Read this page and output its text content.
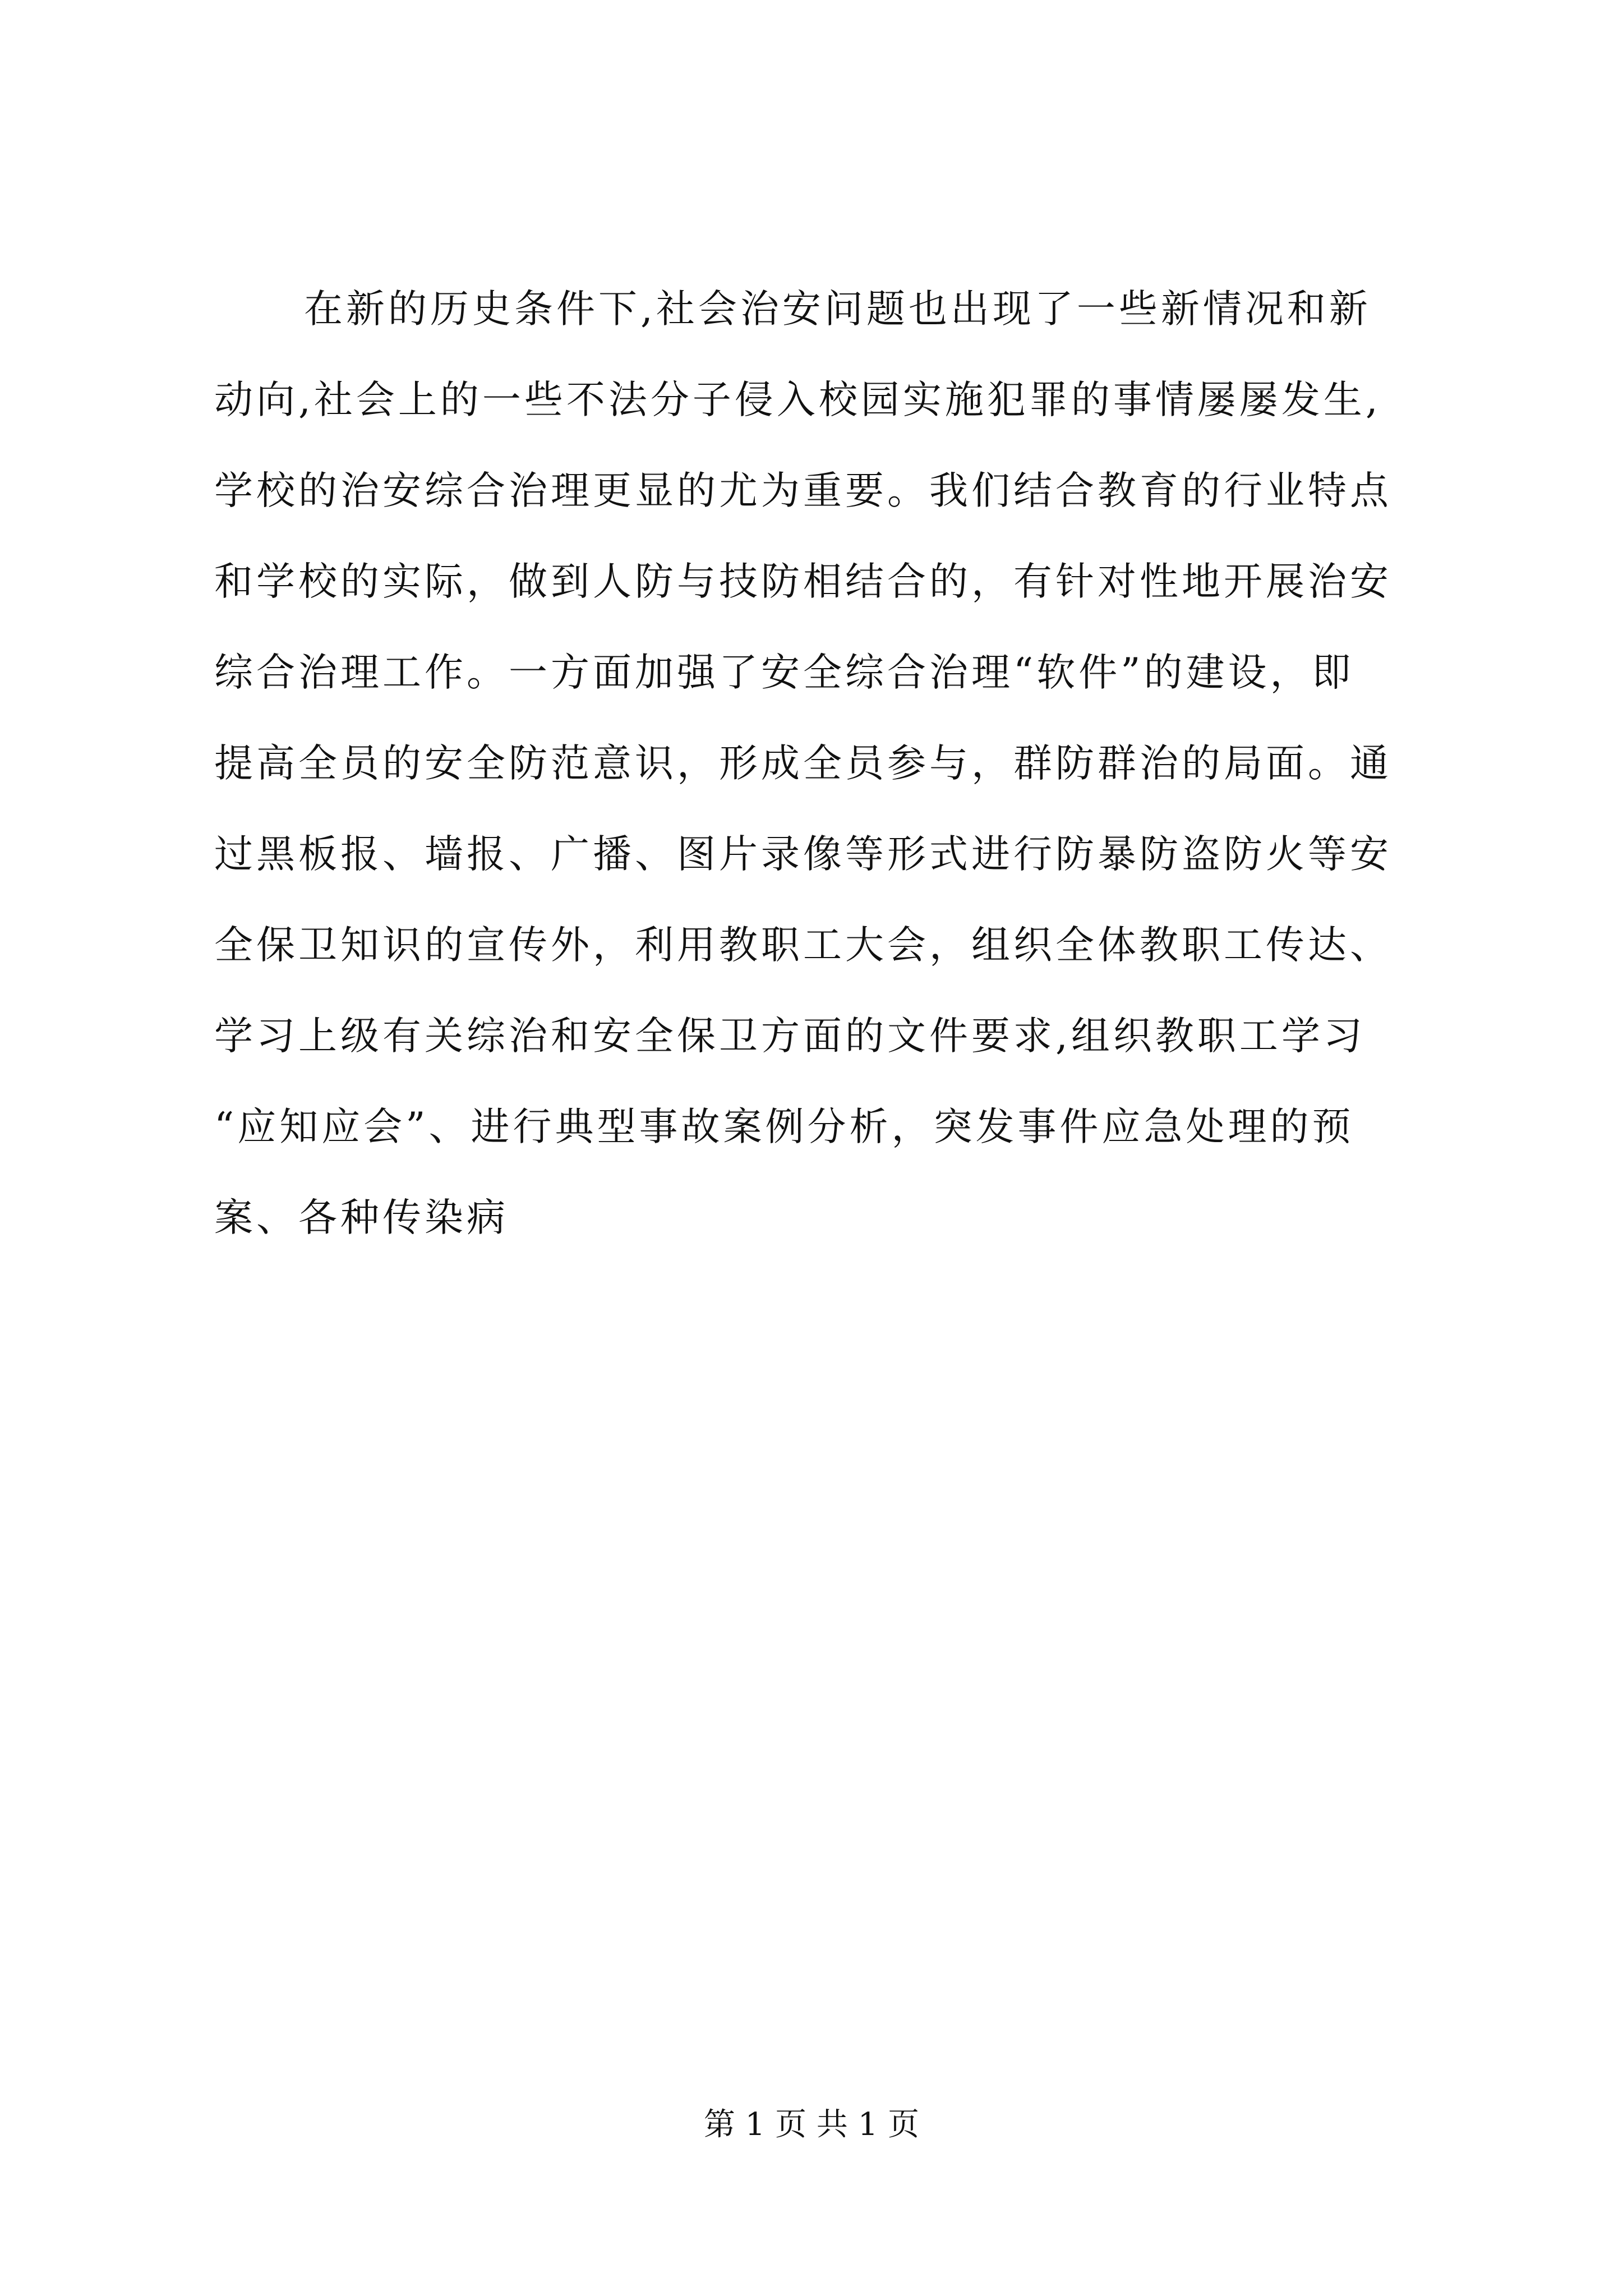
在新的历史条件下,社会治安问题也出现了一些新情况和新
动向,社会上的一些不法分子侵入校园实施犯罪的事情屡屡发生,
学校的治安综合治理更显的尤为重要。我们结合教育的行业特点
和学校的实际，做到人防与技防相结合的，有针对性地开展治安
综合治理工作。一方面加强了安全综合治理“软件”的建设，即
提高全员的安全防范意识，形成全员参与，群防群治的局面。通
过黑板报、墙报、广播、图片录像等形式进行防暴防盗防火等安
全保卫知识的宣传外，利用教职工大会，组织全体教职工传达、
学习上级有关综治和安全保卫方面的文件要求,组织教职工学习
“应知应会”、进行典型事故案例分析，突发事件应急处理的预
案、各种传染病
第 1 页 共 1 页
